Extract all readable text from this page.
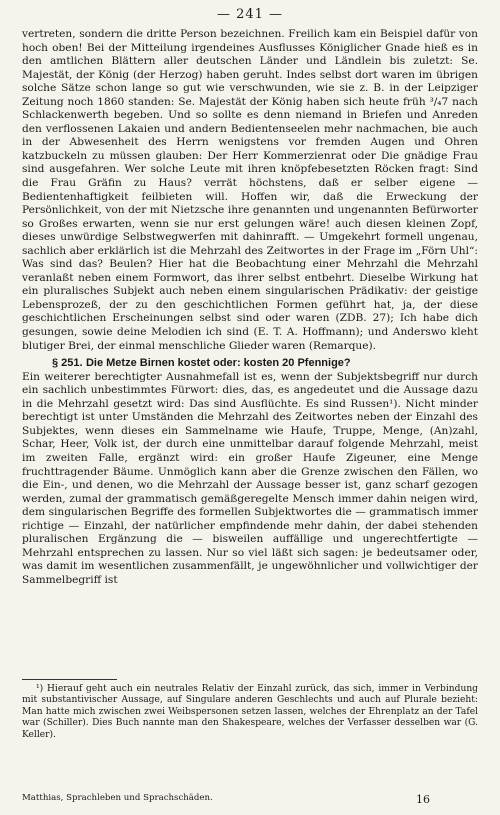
— 241 —

vertreten, sondern die dritte Person bezeichnen. Freilich kam ein Beispiel dafür von hoch oben! Bei der Mitteilung irgendeines Ausflusses Königlicher Gnade hieß es in den amtlichen Blättern aller deutschen Länder und Ländlein bis zuletzt: Se. Majestät, der König (der Herzog) haben geruht. Indes selbst dort waren im übrigen solche Sätze schon lange so gut wie verschwunden, wie sie z. B. in der Leipziger Zeitung noch 1860 standen: Se. Majestät der König haben sich heute früh ³/₄7 nach Schlackenwerth begeben. Und so sollte es denn niemand in Briefen und Anreden den verflossenen Lakaien und andern Bedientenseelen mehr nachmachen, bie auch in der Abwesenheit des Herrn wenigstens vor fremden Augen und Ohren katzbuckeln zu müssen glauben: Der Herr Kommerzienrat oder Die gnädige Frau sind ausgefahren. Wer solche Leute mit ihren knöpfebesetzten Röcken fragt: Sind die Frau Gräfin zu Haus? verrät höchstens, daß er selber eigene — Bedientenhaftigkeit feilbieten will. Hoffen wir, daß die Erweckung der Persönlichkeit, von der mit Nietzsche ihre genannten und ungenannten Befürworter so Großes erwarten, wenn sie nur erst gelungen wäre! auch diesen kleinen Zopf, dieses unwürdige Selbstwegwerfen mit dahinrafft. — Umgekehrt formell ungenau, sachlich aber erklärlich ist die Mehrzahl des Zeitwortes in der Frage im „Förn Uhl“: Was sind das? Beulen? Hier hat die Beobachtung einer Mehrzahl die Mehrzahl veranlaßt neben einem Formwort, das ihrer selbst entbehrt. Dieselbe Wirkung hat ein pluralisches Subjekt auch neben einem singularischen Prädikativ: der geistige Lebensprozeß, der zu den geschichtlichen Formen geführt hat, ja, der diese geschichtlichen Erscheinungen selbst sind oder waren (ZDB. 27); Ich habe dich gesungen, sowie deine Melodien ich sind (E. T. A. Hoffmann); und Anderswo kleht blutiger Brei, der einmal menschliche Glieder waren (Remarque).

§ 251. Die Metze Birnen kostet oder: kosten 20 Pfennige?

Ein weiterer berechtigter Ausnahmefall ist es, wenn der Subjektsbegriff nur durch ein sachlich unbestimmtes Fürwort: dies, das, es angedeutet und die Aussage dazu in die Mehrzahl gesetzt wird: Das sind Ausflüchte. Es sind Russen¹). Nicht minder berechtigt ist unter Umständen die Mehrzahl des Zeitwortes neben der Einzahl des Subjektes, wenn dieses ein Sammelname wie Haufe, Truppe, Menge, (An)zahl, Schar, Heer, Volk ist, der durch eine unmittelbar darauf folgende Mehrzahl, meist im zweiten Falle, ergänzt wird: ein großer Haufe Zigeuner, eine Menge fruchttragender Bäume. Unmöglich kann aber die Grenze zwischen den Fällen, wo die Ein-, und denen, wo die Mehrzahl der Aussage besser ist, ganz scharf gezogen werden, zumal der grammatisch gemäßgeregelte Mensch immer dahin neigen wird, dem singularischen Begriffe des formellen Subjektwortes die — grammatisch immer richtige — Einzahl, der natürlicher empfindende mehr dahin, der dabei stehenden pluralischen Ergänzung die — bisweilen auffällige und ungerechtfertigte — Mehrzahl entsprechen zu lassen. Nur so viel läßt sich sagen: je bedeutsamer oder, was damit im wesentlichen zusammenfällt, je ungewöhnlicher und vollwichtiger der Sammelbegriff ist

¹) Hierauf geht auch ein neutrales Relativ der Einzahl zurück, das sich, immer in Verbindung mit substantivischer Aussage, auf Singulare anderen Geschlechts und auch auf Plurale bezieht: Man hatte mich zwischen zwei Weibspersonen setzen lassen, welches der Ehrenplatz an der Tafel war (Schiller). Dies Buch nannte man den Shakespeare, welches der Verfasser desselben war (G. Keller).
Matthias, Sprachleben und Sprachschäden.	16
